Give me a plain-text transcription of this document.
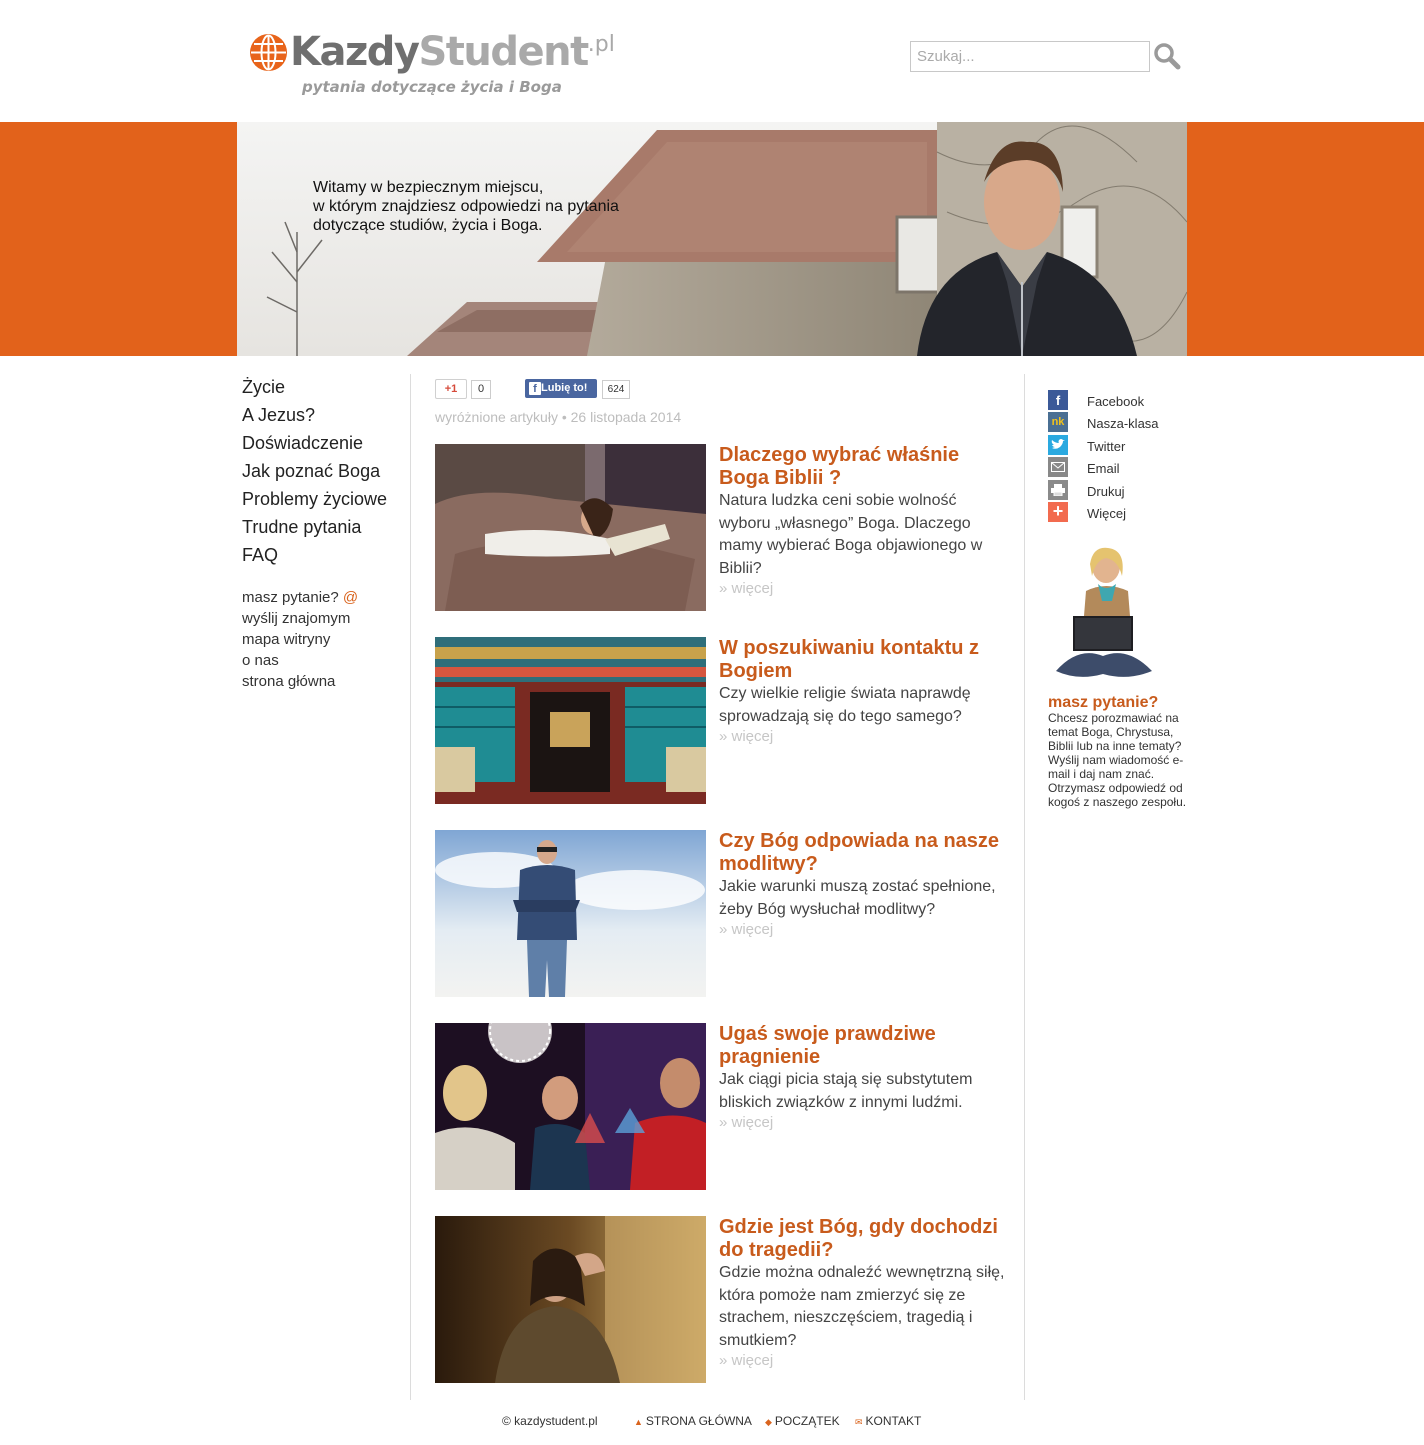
KazdyStudent$^{.pl}$
pytania dotyczące życia i Boga
Szukaj...
Witamy w bezpiecznym miejscu,
w którym znajdziesz odpowiedzi na pytania
dotyczące studiów, życia i Boga.
Życie
A Jezus?
Doświadczenie
Jak poznać Boga
Problemy życiowe
Trudne pytania
FAQ
masz pytanie? @
wyślij znajomym
mapa witryny
o nas
strona główna
+1	0	f Lubię to!	624
wyróżnione artykuły • 26 listopada 2014
Dlaczego wybrać właśnie Boga Biblii ?
Natura ludzka ceni sobie wolność wyboru „własnego” Boga. Dlaczego mamy wybierać Boga objawionego w Biblii?
» więcej
W poszukiwaniu kontaktu z Bogiem
Czy wielkie religie świata naprawdę sprowadzają się do tego samego?
» więcej
Czy Bóg odpowiada na nasze modlitwy?
Jakie warunki muszą zostać spełnione, żeby Bóg wysłuchał modlitwy?
» więcej
Ugaś swoje prawdziwe pragnienie
Jak ciągi picia stają się substytutem bliskich związków z innymi ludźmi.
» więcej
Gdzie jest Bóg, gdy dochodzi do tragedii?
Gdzie można odnaleźć wewnętrzną siłę, która pomoże nam zmierzyć się ze strachem, nieszczęściem, tragedią i smutkiem?
» więcej
f	Facebook
nk Nasza-klasa
Twitter
Email
Drukuj
+	Więcej
masz pytanie?
Chcesz porozmawiać na temat Boga, Chrystusa, Biblii lub na inne tematy? Wyślij nam wiadomość e-mail i daj nam znać. Otrzymasz odpowiedź od kogoś z naszego zespołu.
© kazdystudent.pl	▲ STRONA GŁÓWNA ◆ POCZĄTEK ✉ KONTAKT
